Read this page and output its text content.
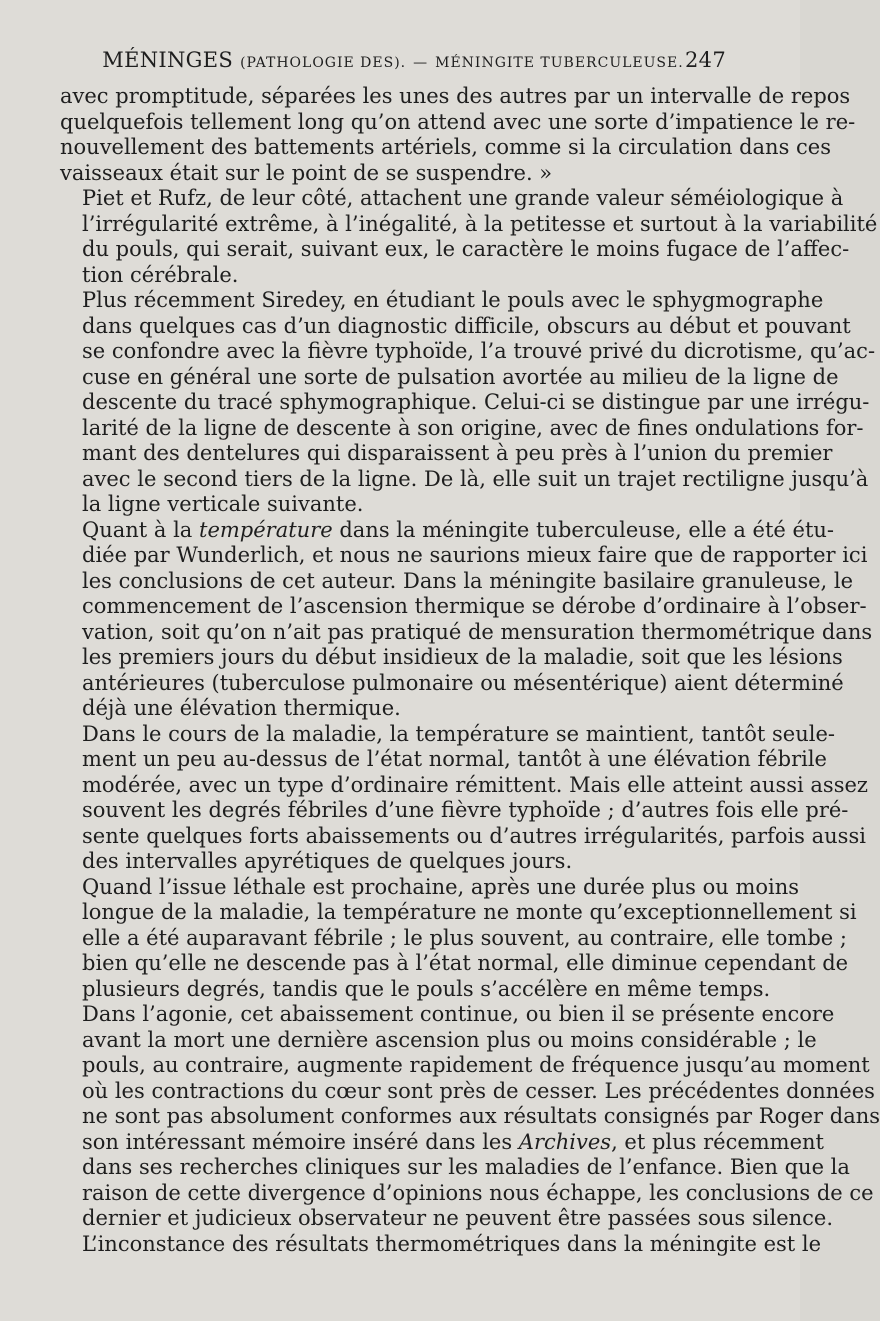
MÉNINGES (PATHOLOGIE DES). — MÉNINGITE TUBERCULEUSE. 247

avec promptitude, séparées les unes des autres par un intervalle de repos
quelquefois tellement long qu’on attend avec une sorte d’impatience le re-
nouvellement des battements artériels, comme si la circulation dans ces
vaisseaux était sur le point de se suspendre. »

Piet et Rufz, de leur côté, attachent une grande valeur séméiologique à
l’irrégularité extrême, à l’inégalité, à la petitesse et surtout à la variabilité
du pouls, qui serait, suivant eux, le caractère le moins fugace de l’affec-
tion cérébrale.

Plus récemment Siredey, en étudiant le pouls avec le sphygmographe
dans quelques cas d’un diagnostic difficile, obscurs au début et pouvant
se confondre avec la fièvre typhoïde, l’a trouvé privé du dicrotisme, qu’ac-
cuse en général une sorte de pulsation avortée au milieu de la ligne de
descente du tracé sphymographique. Celui-ci se distingue par une irrégu-
larité de la ligne de descente à son origine, avec de fines ondulations for-
mant des dentelures qui disparaissent à peu près à l’union du premier
avec le second tiers de la ligne. De là, elle suit un trajet rectiligne jusqu’à
la ligne verticale suivante.

Quant à la température dans la méningite tuberculeuse, elle a été étu-
diée par Wunderlich, et nous ne saurions mieux faire que de rapporter ici
les conclusions de cet auteur. Dans la méningite basilaire granuleuse, le
commencement de l’ascension thermique se dérobe d’ordinaire à l’obser-
vation, soit qu’on n’ait pas pratiqué de mensuration thermométrique dans
les premiers jours du début insidieux de la maladie, soit que les lésions
antérieures (tuberculose pulmonaire ou mésentérique) aient déterminé
déjà une élévation thermique.

Dans le cours de la maladie, la température se maintient, tantôt seule-
ment un peu au-dessus de l’état normal, tantôt à une élévation fébrile
modérée, avec un type d’ordinaire rémittent. Mais elle atteint aussi assez
souvent les degrés fébriles d’une fièvre typhoïde ; d’autres fois elle pré-
sente quelques forts abaissements ou d’autres irrégularités, parfois aussi
des intervalles apyrétiques de quelques jours.

Quand l’issue léthale est prochaine, après une durée plus ou moins
longue de la maladie, la température ne monte qu’exceptionnellement si
elle a été auparavant fébrile ; le plus souvent, au contraire, elle tombe ;
bien qu’elle ne descende pas à l’état normal, elle diminue cependant de
plusieurs degrés, tandis que le pouls s’accélère en même temps.

Dans l’agonie, cet abaissement continue, ou bien il se présente encore
avant la mort une dernière ascension plus ou moins considérable ; le
pouls, au contraire, augmente rapidement de fréquence jusqu’au moment
où les contractions du cœur sont près de cesser. Les précédentes données
ne sont pas absolument conformes aux résultats consignés par Roger dans
son intéressant mémoire inséré dans les Archives, et plus récemment
dans ses recherches cliniques sur les maladies de l’enfance. Bien que la
raison de cette divergence d’opinions nous échappe, les conclusions de ce
dernier et judicieux observateur ne peuvent être passées sous silence.
L’inconstance des résultats thermométriques dans la méningite est le
